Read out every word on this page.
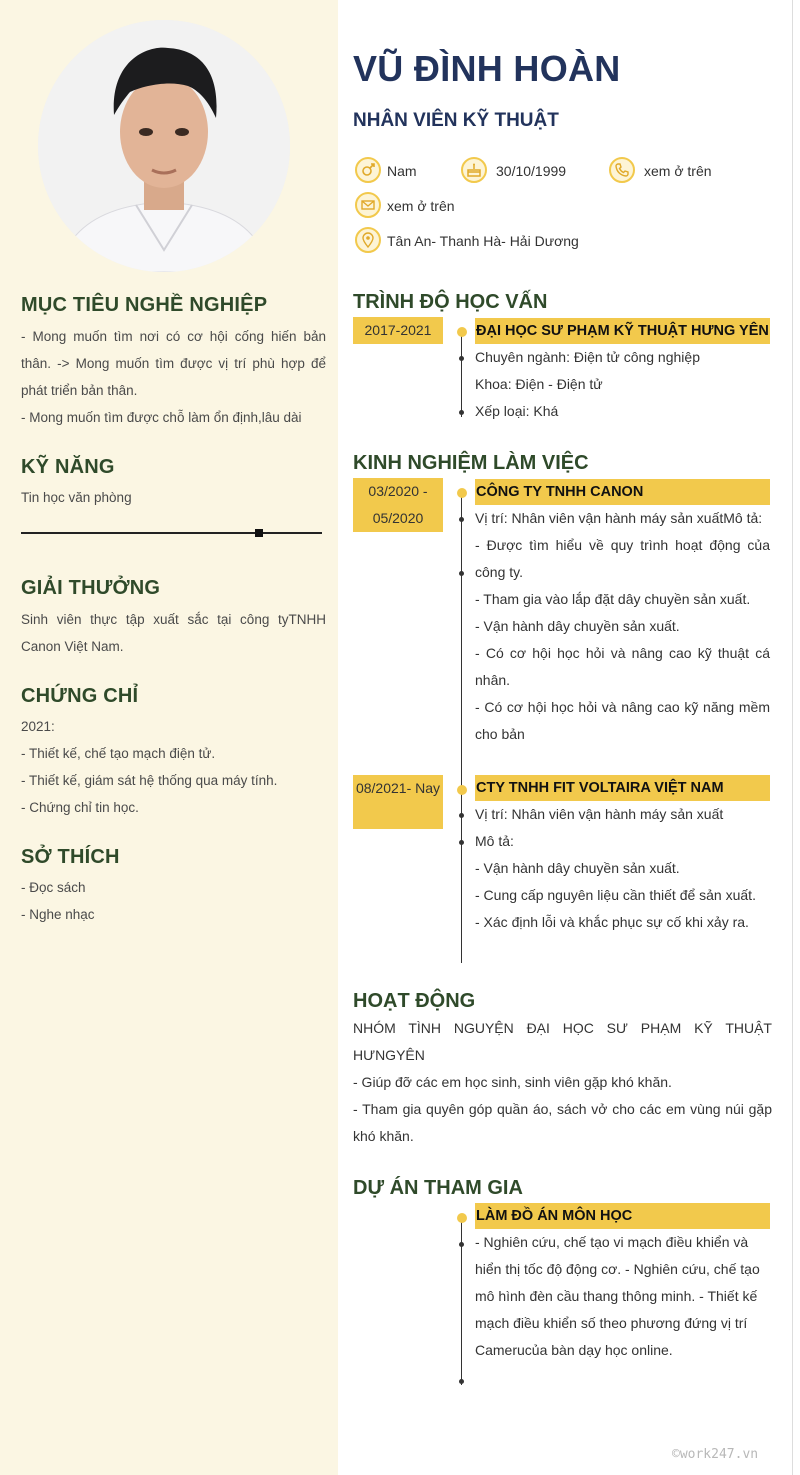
MỤC TIÊU NGHỀ NGHIỆP

- Mong muốn tìm nơi có cơ hội cống hiến bản thân. -> Mong muốn tìm được vị trí phù hợp để phát triển bản thân.

- Mong muốn tìm được chỗ làm ổn định,lâu dài

KỸ NĂNG
Tin học văn phòng
GIẢI THƯỞNG
Sinh viên thực tập xuất sắc tại công tyTNHH Canon Việt Nam.
CHỨNG CHỈ

2021:

- Thiết kế, chế tạo mạch điện tử.

- Thiết kế, giám sát hệ thống qua máy tính.

- Chứng chỉ tin học.

SỞ THÍCH

- Đọc sách

- Nghe nhạc

VŨ ĐÌNH HOÀN
NHÂN VIÊN KỸ THUẬT
Nam	30/10/1999	xem ở trên
xem ở trên
Tân An- Thanh Hà- Hải Dương
TRÌNH ĐỘ HỌC VẤN
2017-2021	ĐẠI HỌC SƯ PHẠM KỸ THUẬT HƯNG YÊN

Chuyên ngành: Điện tử công nghiệp

Khoa: Điện - Điện tử

Xếp loại: Khá

KINH NGHIỆM LÀM VIỆC
03/2020 - 05/2020
CÔNG TY TNHH CANON

Vị trí: Nhân viên vận hành máy sản xuấtMô tả:

- Được tìm hiểu về quy trình hoạt động của công ty.

- Tham gia vào lắp đặt dây chuyền sản xuất.

- Vận hành dây chuyền sản xuất.

- Có cơ hội học hỏi và nâng cao kỹ thuật cá nhân.

- Có cơ hội học hỏi và nâng cao kỹ năng mềm cho bản

08/2021- Nay CTY TNHH FIT VOLTAIRA VIỆT NAM

Vị trí: Nhân viên vận hành máy sản xuất

Mô tả:

- Vận hành dây chuyền sản xuất.

- Cung cấp nguyên liệu cần thiết để sản xuất.

- Xác định lỗi và khắc phục sự cố khi xảy ra.

HOẠT ĐỘNG

NHÓM TÌNH NGUYỆN ĐẠI HỌC SƯ PHẠM KỸ THUẬT HƯNGYÊN

- Giúp đỡ các em học sinh, sinh viên gặp khó khăn.

- Tham gia quyên góp quần áo, sách vở cho các em vùng núi gặp khó khăn.

DỰ ÁN THAM GIA
LÀM ĐỒ ÁN MÔN HỌC
- Nghiên cứu, chế tạo vi mạch điều khiển và hiển thị tốc độ động cơ. - Nghiên cứu, chế tạo mô hình đèn cầu thang thông minh. - Thiết kế mạch điều khiển số theo phương đứng vị trí Camerucủa bàn dạy học online.
©work247.vn
